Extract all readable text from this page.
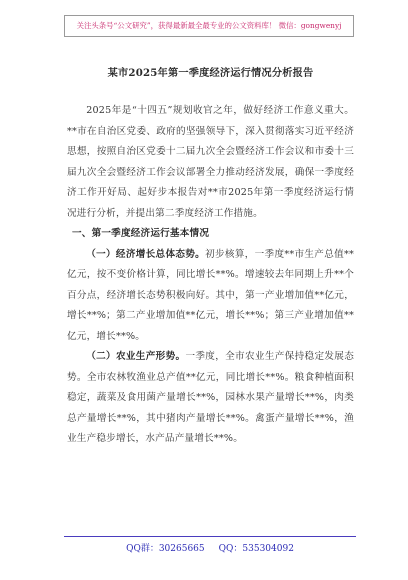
关注头条号“公文研究”，获得最新最全最专业的公文资料库！ 微信：gongwenyj
某市2025年第一季度经济运行情况分析报告

2025年是“十四五”规划收官之年，做好经济工作意义重大。**市在自治区党委、政府的坚强领导下，深入贯彻落实习近平经济思想，按照自治区党委十二届九次全会暨经济工作会议和市委十三届九次全会暨经济工作会议部署全力推动经济发展，确保一季度经济工作开好局、起好步本报告对**市2025年第一季度经济运行情况进行分析，并提出第二季度经济工作措施。

一、第一季度经济运行基本情况

（一）经济增长总体态势。初步核算，一季度**市生产总值**亿元，按不变价格计算，同比增长**%。增速较去年同期上升**个百分点，经济增长态势积极向好。其中，第一产业增加值**亿元，增长**%；第二产业增加值**亿元，增长**%；第三产业增加值**亿元，增长**%。

（二）农业生产形势。一季度，全市农业生产保持稳定发展态势。全市农林牧渔业总产值**亿元，同比增长**%。粮食种植面积稳定，蔬菜及食用菌产量增长**%，园林水果产量增长**%，肉类总产量增长**%，其中猪肉产量增长**%。禽蛋产量增长**%，渔业生产稳步增长，水产品产量增长**%。

QQ群：30265665 QQ：535304092
